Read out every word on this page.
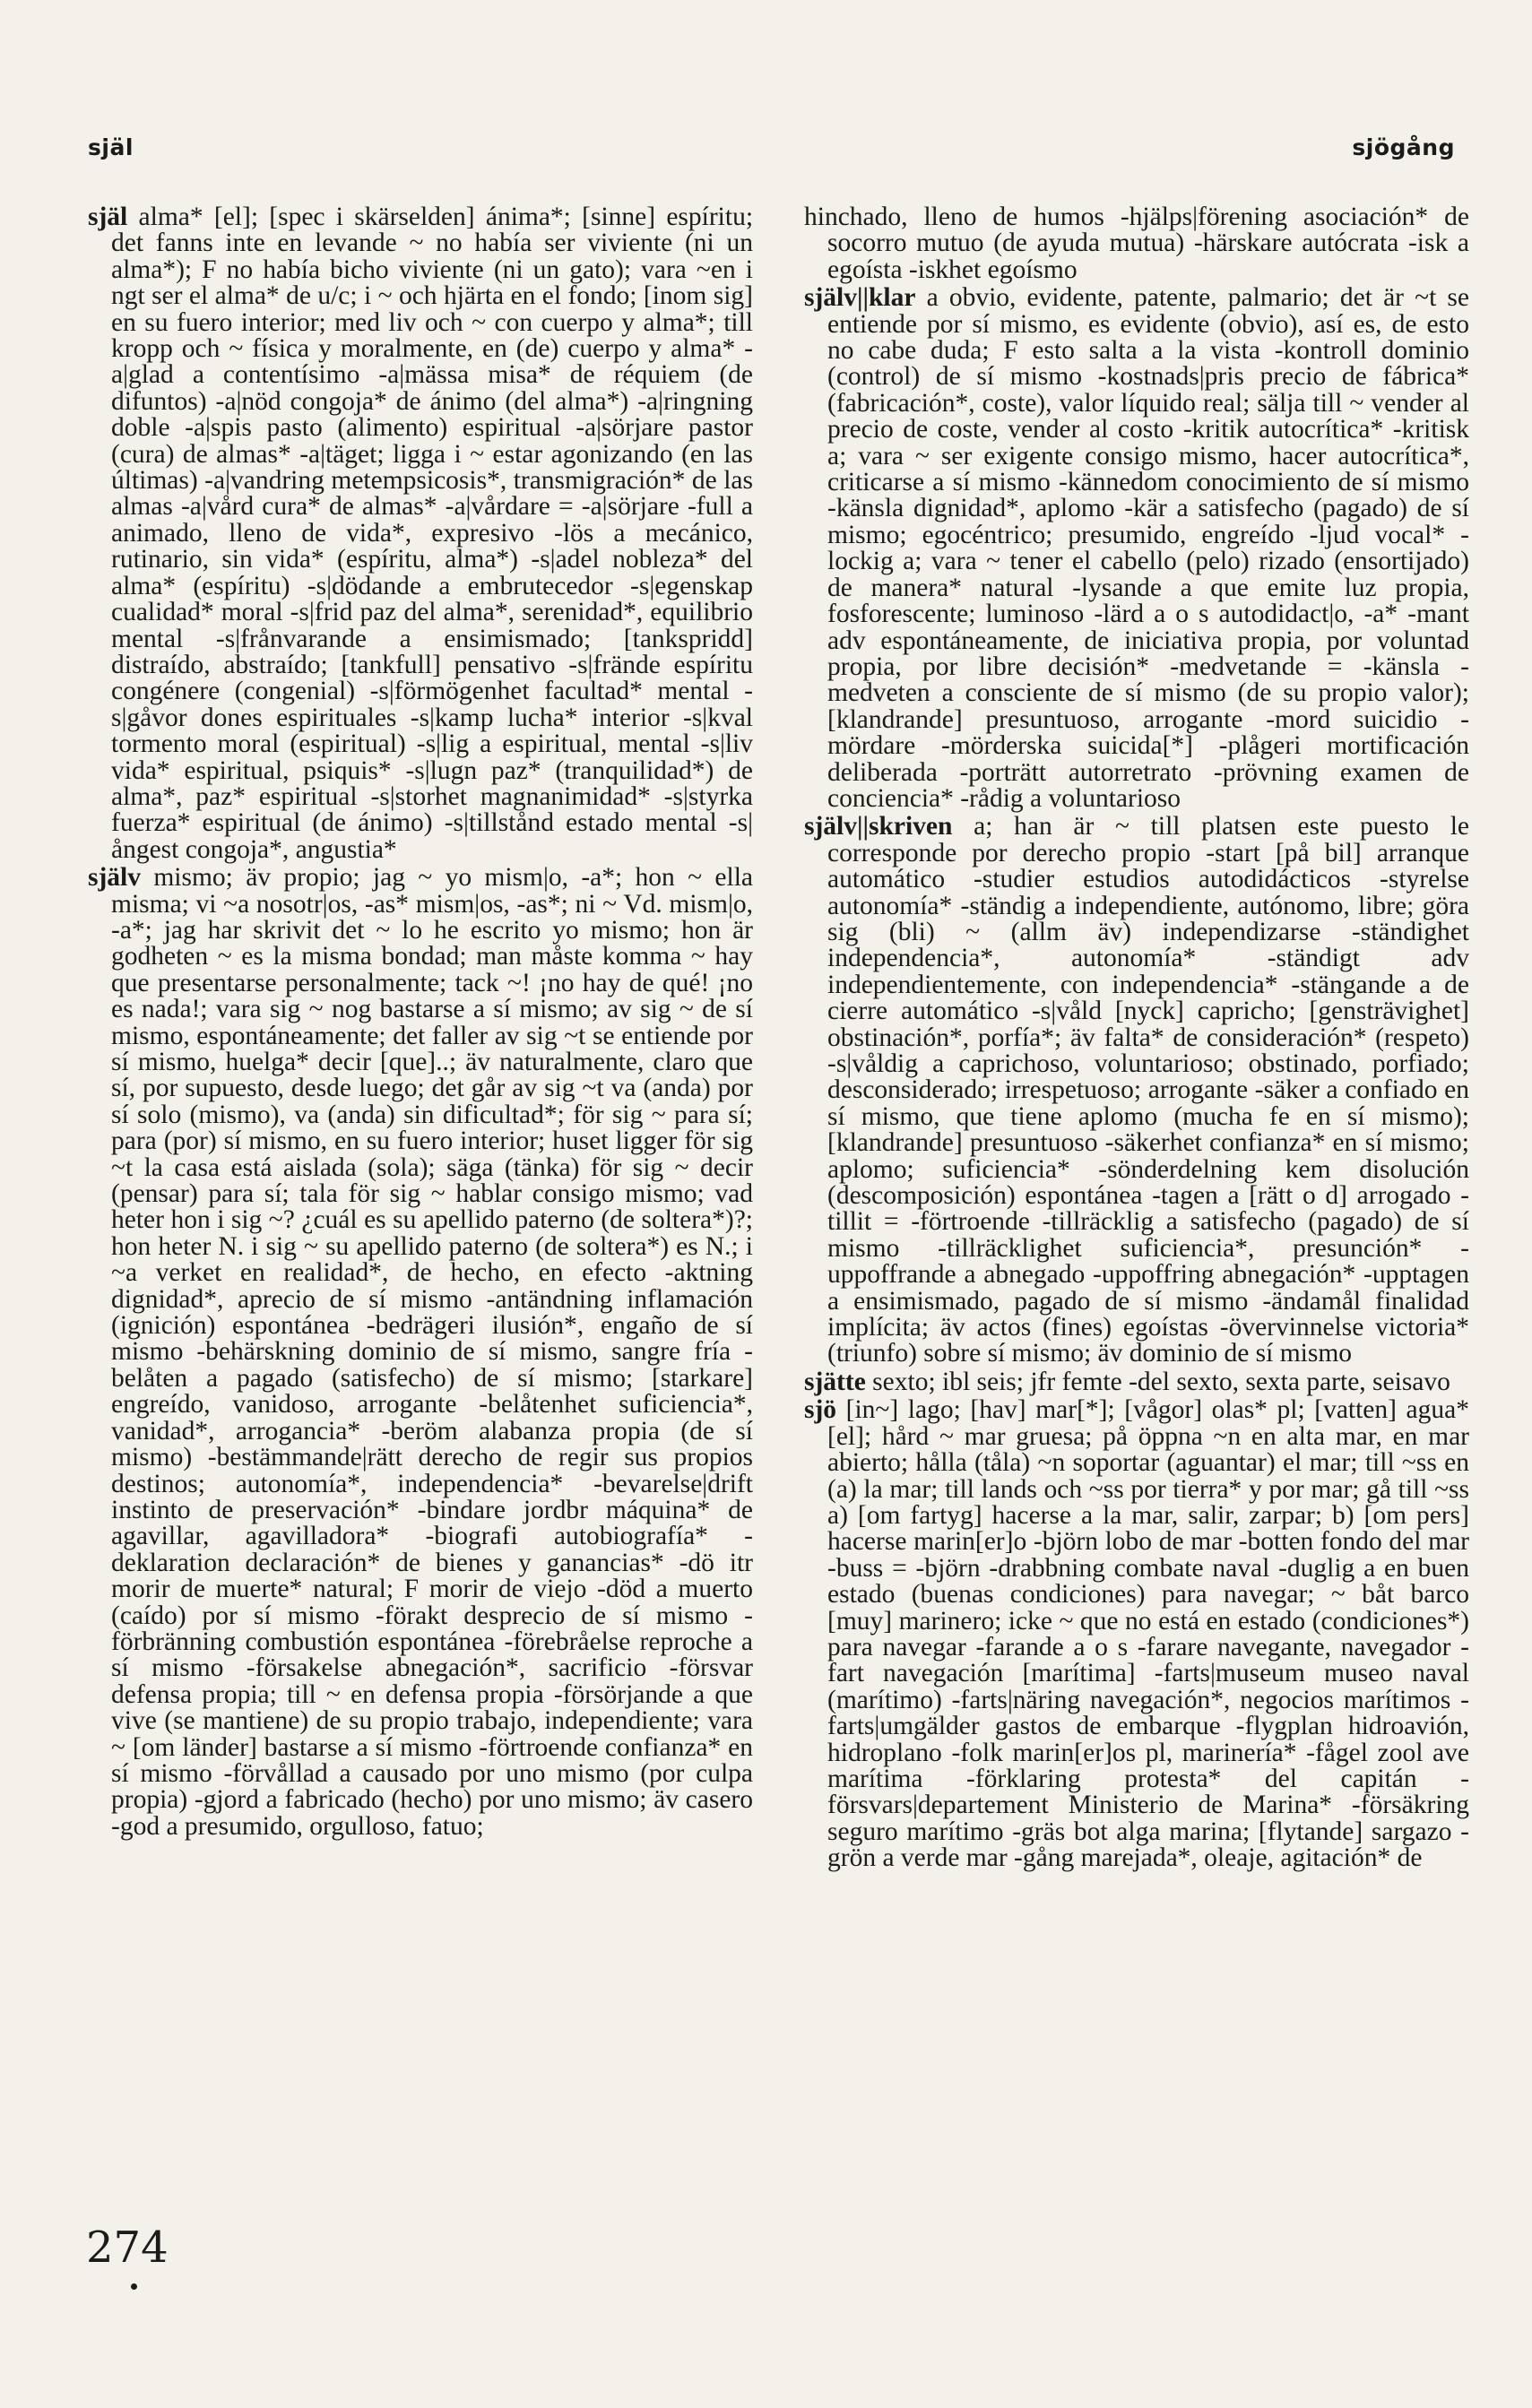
själ	sjögång

själ alma* [el]; [spec i skärselden] ánima*; [sinne] espíritu; det fanns inte en levande ~ no había ser viviente (ni un alma*); F no había bicho viviente (ni un gato); vara ~en i ngt ser el alma* de u/c; i ~ och hjärta en el fondo; [inom sig] en su fuero interior; med liv och ~ con cuerpo y alma*; till kropp och ~ física y moralmente, en (de) cuerpo y alma* -a|glad a contentísimo -a|mässa misa* de réquiem (de difuntos) -a|nöd congoja* de ánimo (del alma*) -a|ringning doble -a|spis pasto (alimento) espiritual -a|sörjare pastor (cura) de almas* -a|täget; ligga i ~ estar agonizando (en las últimas) -a|vandring metempsicosis*, transmigración* de las almas -a|vård cura* de almas* -a|vårdare = -a|sörjare -full a animado, lleno de vida*, expresivo -lös a mecánico, rutinario, sin vida* (espíritu, alma*) -s|adel nobleza* del alma* (espíritu) -s|dödande a embrutecedor -s|egenskap cualidad* moral -s|frid paz del alma*, serenidad*, equilibrio mental -s|frånvarande a ensimismado; [tankspridd] distraído, abstraído; [tankfull] pensativo -s|frände espíritu congénere (congenial) -s|förmögenhet facultad* mental -s|gåvor dones espirituales -s|kamp lucha* interior -s|kval tormento moral (espiritual) -s|lig a espiritual, mental -s|liv vida* espiritual, psiquis* -s|lugn paz* (tranquilidad*) de alma*, paz* espiritual -s|storhet magnanimidad* -s|styrka fuerza* espiritual (de ánimo) -s|tillstånd estado mental -s|ångest congoja*, angustia*

själv mismo; äv propio; jag ~ yo mism|o, -a*; hon ~ ella misma; vi ~a nosotr|os, -as* mism|os, -as*; ni ~ Vd. mism|o, -a*; jag har skrivit det ~ lo he escrito yo mismo; hon är godheten ~ es la misma bondad; man måste komma ~ hay que presentarse personalmente; tack ~! ¡no hay de qué! ¡no es nada!; vara sig ~ nog bastarse a sí mismo; av sig ~ de sí mismo, espontáneamente; det faller av sig ~t se entiende por sí mismo, huelga* decir [que]..; äv naturalmente, claro que sí, por supuesto, desde luego; det går av sig ~t va (anda) por sí solo (mismo), va (anda) sin dificultad*; för sig ~ para sí; para (por) sí mismo, en su fuero interior; huset ligger för sig ~t la casa está aislada (sola); säga (tänka) för sig ~ decir (pensar) para sí; tala för sig ~ hablar consigo mismo; vad heter hon i sig ~? ¿cuál es su apellido paterno (de soltera*)?; hon heter N. i sig ~ su apellido paterno (de soltera*) es N.; i ~a verket en realidad*, de hecho, en efecto -aktning dignidad*, aprecio de sí mismo -antändning inflamación (ignición) espontánea -bedrägeri ilusión*, engaño de sí mismo -behärskning dominio de sí mismo, sangre fría -belåten a pagado (satisfecho) de sí mismo; [starkare] engreído, vanidoso, arrogante -belåtenhet suficiencia*, vanidad*, arrogancia* -beröm alabanza propia (de sí mismo) -bestämmande|rätt derecho de regir sus propios destinos; autonomía*, independencia* -bevarelse|drift instinto de preservación* -bindare jordbr máquina* de agavillar, agavilladora* -biografi autobiografía* -deklaration declaración* de bienes y ganancias* -dö itr morir de muerte* natural; F morir de viejo -död a muerto (caído) por sí mismo -förakt desprecio de sí mismo -förbränning combustión espontánea -förebråelse reproche a sí mismo -försakelse abnegación*, sacrificio -försvar defensa propia; till ~ en defensa propia -försörjande a que vive (se mantiene) de su propio trabajo, independiente; vara ~ [om länder] bastarse a sí mismo -förtroende confianza* en sí mismo -förvållad a causado por uno mismo (por culpa propia) -gjord a fabricado (hecho) por uno mismo; äv casero -god a presumido, orgulloso, fatuo;

hinchado, lleno de humos -hjälps|förening asociación* de socorro mutuo (de ayuda mutua) -härskare autócrata -isk a egoísta -iskhet egoísmo

själv||klar a obvio, evidente, patente, palmario; det är ~t se entiende por sí mismo, es evidente (obvio), así es, de esto no cabe duda; F esto salta a la vista -kontroll dominio (control) de sí mismo -kostnads|pris precio de fábrica* (fabricación*, coste), valor líquido real; sälja till ~ vender al precio de coste, vender al costo -kritik autocrítica* -kritisk a; vara ~ ser exigente consigo mismo, hacer autocrítica*, criticarse a sí mismo -kännedom conocimiento de sí mismo -känsla dignidad*, aplomo -kär a satisfecho (pagado) de sí mismo; egocéntrico; presumido, engreído -ljud vocal* -lockig a; vara ~ tener el cabello (pelo) rizado (ensortijado) de manera* natural -lysande a que emite luz propia, fosforescente; luminoso -lärd a o s autodidact|o, -a* -mant adv espontáneamente, de iniciativa propia, por voluntad propia, por libre decisión* -medvetande = -känsla -medveten a consciente de sí mismo (de su propio valor); [klandrande] presuntuoso, arrogante -mord suicidio -mördare -mörderska suicida[*] -plågeri mortificación deliberada -porträtt autorretrato -prövning examen de conciencia* -rådig a voluntarioso

själv||skriven a; han är ~ till platsen este puesto le corresponde por derecho propio -start [på bil] arranque automático -studier estudios autodidácticos -styrelse autonomía* -ständig a independiente, autónomo, libre; göra sig (bli) ~ (allm äv) independizarse -ständighet independencia*, autonomía* -ständigt adv independientemente, con independencia* -stängande a de cierre automático -s|våld [nyck] capricho; [gensträvighet] obstinación*, porfía*; äv falta* de consideración* (respeto) -s|våldig a caprichoso, voluntarioso; obstinado, porfiado; desconsiderado; irrespetuoso; arrogante -säker a confiado en sí mismo, que tiene aplomo (mucha fe en sí mismo); [klandrande] presuntuoso -säkerhet confianza* en sí mismo; aplomo; suficiencia* -sönderdelning kem disolución (descomposición) espontánea -tagen a [rätt o d] arrogado -tillit = -förtroende -tillräcklig a satisfecho (pagado) de sí mismo -tillräcklighet suficiencia*, presunción* -uppoffrande a abnegado -uppoffring abnegación* -upptagen a ensimismado, pagado de sí mismo -ändamål finalidad implícita; äv actos (fines) egoístas -övervinnelse victoria* (triunfo) sobre sí mismo; äv dominio de sí mismo

sjätte sexto; ibl seis; jfr femte -del sexto, sexta parte, seisavo

sjö [in~] lago; [hav] mar[*]; [vågor] olas* pl; [vatten] agua* [el]; hård ~ mar gruesa; på öppna ~n en alta mar, en mar abierto; hålla (tåla) ~n soportar (aguantar) el mar; till ~ss en (a) la mar; till lands och ~ss por tierra* y por mar; gå till ~ss a) [om fartyg] hacerse a la mar, salir, zarpar; b) [om pers] hacerse marin[er]o -björn lobo de mar -botten fondo del mar -buss = -björn -drabbning combate naval -duglig a en buen estado (buenas condiciones) para navegar; ~ båt barco [muy] marinero; icke ~ que no está en estado (condiciones*) para navegar -farande a o s -farare navegante, navegador -fart navegación [marítima] -farts|museum museo naval (marítimo) -farts|näring navegación*, negocios marítimos -farts|umgälder gastos de embarque -flygplan hidroavión, hidroplano -folk marin[er]os pl, marinería* -fågel zool ave marítima -förklaring protesta* del capitán -försvars|departement Ministerio de Marina* -försäkring seguro marítimo -gräs bot alga marina; [flytande] sargazo -grön a verde mar -gång marejada*, oleaje, agitación* de

274
